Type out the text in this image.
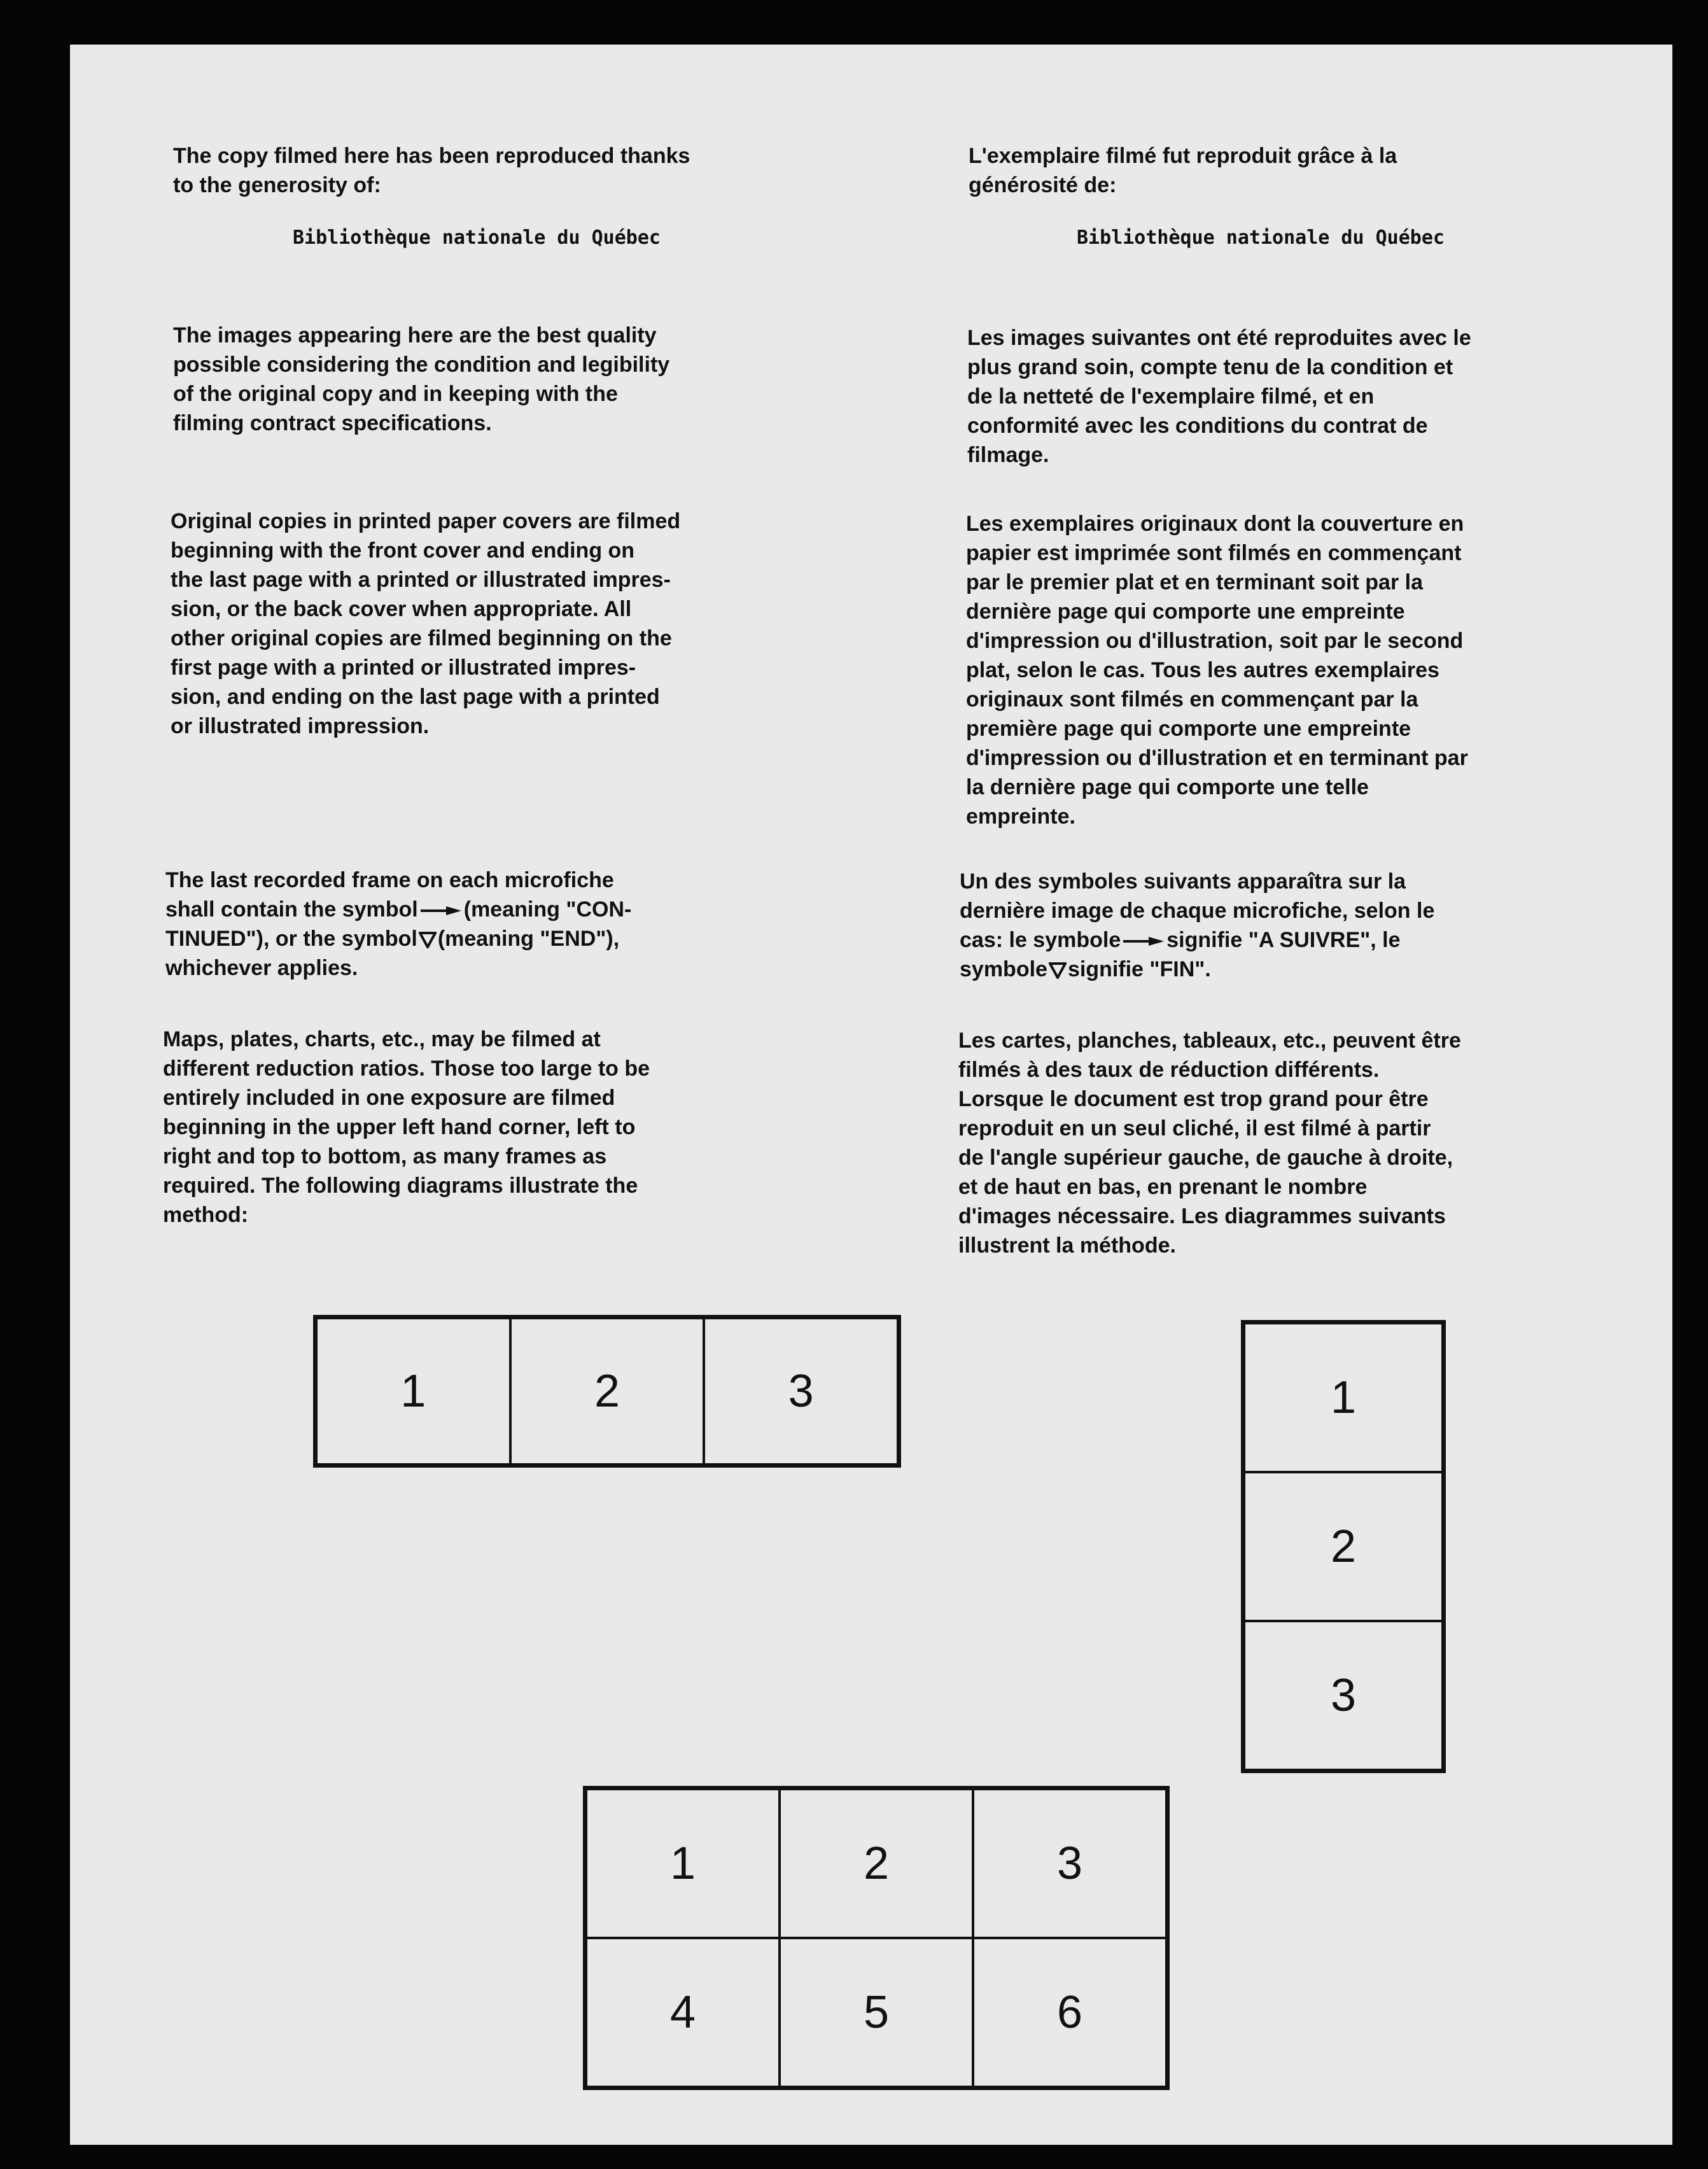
The copy filmed here has been reproduced thanks
to the generosity of:

Bibliothèque nationale du Québec

The images appearing here are the best quality
possible considering the condition and legibility
of the original copy and in keeping with the
filming contract specifications.

Original copies in printed paper covers are filmed
beginning with the front cover and ending on
the last page with a printed or illustrated impres-
sion, or the back cover when appropriate. All
other original copies are filmed beginning on the
first page with a printed or illustrated impres-
sion, and ending on the last page with a printed
or illustrated impression.

The last recorded frame on each microfiche
shall contain the symbol (meaning "CON-
TINUED"), or the symbol (meaning "END"),
whichever applies.

Maps, plates, charts, etc., may be filmed at
different reduction ratios. Those too large to be
entirely included in one exposure are filmed
beginning in the upper left hand corner, left to
right and top to bottom, as many frames as
required. The following diagrams illustrate the
method:

L'exemplaire filmé fut reproduit grâce à la
générosité de:

Bibliothèque nationale du Québec

Les images suivantes ont été reproduites avec le
plus grand soin, compte tenu de la condition et
de la netteté de l'exemplaire filmé, et en
conformité avec les conditions du contrat de
filmage.

Les exemplaires originaux dont la couverture en
papier est imprimée sont filmés en commençant
par le premier plat et en terminant soit par la
dernière page qui comporte une empreinte
d'impression ou d'illustration, soit par le second
plat, selon le cas. Tous les autres exemplaires
originaux sont filmés en commençant par la
première page qui comporte une empreinte
d'impression ou d'illustration et en terminant par
la dernière page qui comporte une telle
empreinte.

Un des symboles suivants apparaîtra sur la
dernière image de chaque microfiche, selon le
cas: le symbole signifie "A SUIVRE", le
symbole signifie "FIN".

Les cartes, planches, tableaux, etc., peuvent être
filmés à des taux de réduction différents.
Lorsque le document est trop grand pour être
reproduit en un seul cliché, il est filmé à partir
de l'angle supérieur gauche, de gauche à droite,
et de haut en bas, en prenant le nombre
d'images nécessaire. Les diagrammes suivants
illustrent la méthode.

1	2	3	1
2
3
1	2	3
4	5	6
